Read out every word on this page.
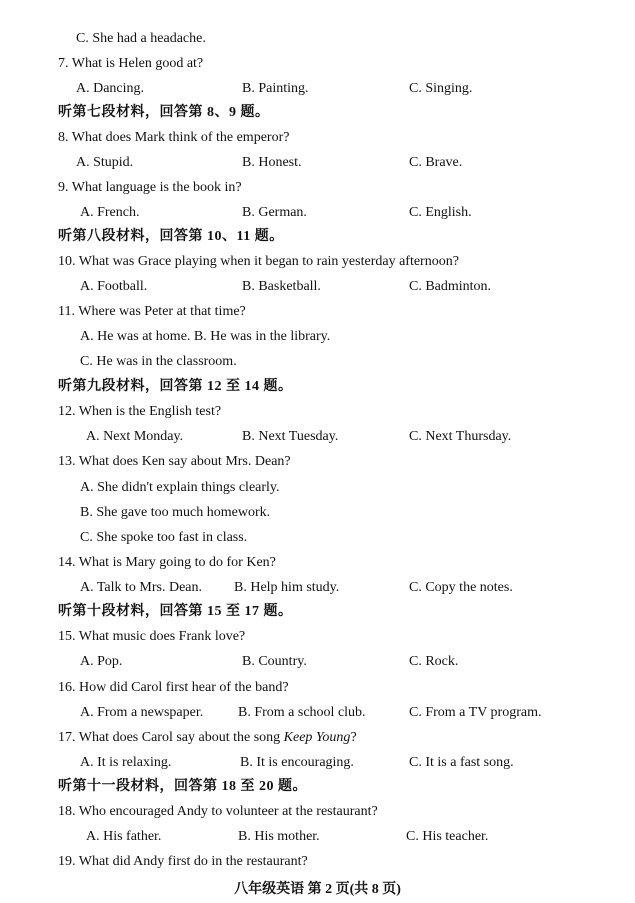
C. She had a headache.
7. What is Helen good at?
A. Dancing.	B. Painting.	C. Singing.
听第七段材料，回答第 8、9 题。
8. What does Mark think of the emperor?
A. Stupid.	B. Honest.	C. Brave.
9. What language is the book in?
A. French.	B. German.	C. English.
听第八段材料，回答第 10、11 题。
10. What was Grace playing when it began to rain yesterday afternoon?
A. Football.	B. Basketball.	C. Badminton.
11. Where was Peter at that time?
A. He was at home. B. He was in the library.
C. He was in the classroom.
听第九段材料，回答第 12 至 14 题。
12. When is the English test?
A. Next Monday.	B. Next Tuesday.	C. Next Thursday.
13. What does Ken say about Mrs. Dean?
A. She didn't explain things clearly.
B. She gave too much homework.
C. She spoke too fast in class.
14. What is Mary going to do for Ken?
A. Talk to Mrs. Dean. B. Help him study.	C. Copy the notes.
听第十段材料，回答第 15 至 17 题。
15. What music does Frank love?
A. Pop.	B. Country.	C. Rock.
16. How did Carol first hear of the band?
A. From a newspaper. B. From a school club.	C. From a TV program.
17. What does Carol say about the song Keep Young?
A. It is relaxing.	B. It is encouraging.	C. It is a fast song.
听第十一段材料，回答第 18 至 20 题。
18. Who encouraged Andy to volunteer at the restaurant?
A. His father.	B. His mother.	C. His teacher.
19. What did Andy first do in the restaurant?
八年级英语 第 2 页(共 8 页)
